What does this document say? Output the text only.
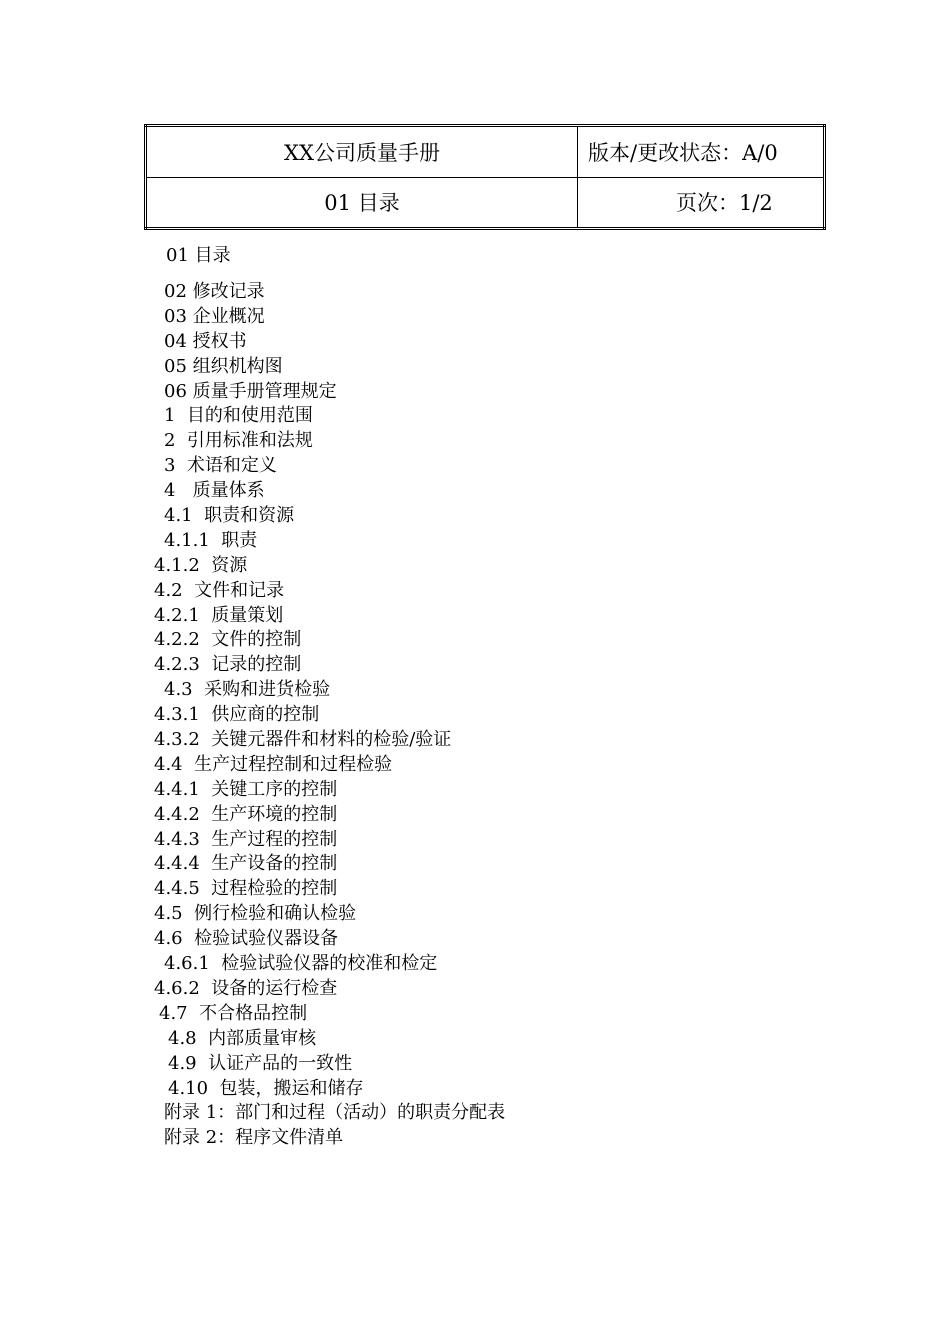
XX公司质量手册	版本/更改状态：A/0
01 目录	页次：1/2
01 目录
02 修改记录
03 企业概况
04 授权书
05 组织机构图
06 质量手册管理规定
1  目的和使用范围
2  引用标准和法规
3  术语和定义
4   质量体系
4.1  职责和资源
4.1.1  职责
4.1.2  资源
4.2  文件和记录
4.2.1  质量策划
4.2.2  文件的控制
4.2.3  记录的控制
4.3  采购和进货检验
4.3.1  供应商的控制
4.3.2  关键元器件和材料的检验/验证
4.4  生产过程控制和过程检验
4.4.1  关键工序的控制
4.4.2  生产环境的控制
4.4.3  生产过程的控制
4.4.4  生产设备的控制
4.4.5  过程检验的控制
4.5  例行检验和确认检验
4.6  检验试验仪器设备
4.6.1  检验试验仪器的校准和检定
4.6.2  设备的运行检查
4.7  不合格品控制
4.8  内部质量审核
4.9  认证产品的一致性
4.10  包装，搬运和储存
附录 1：部门和过程（活动）的职责分配表
附录 2：程序文件清单
